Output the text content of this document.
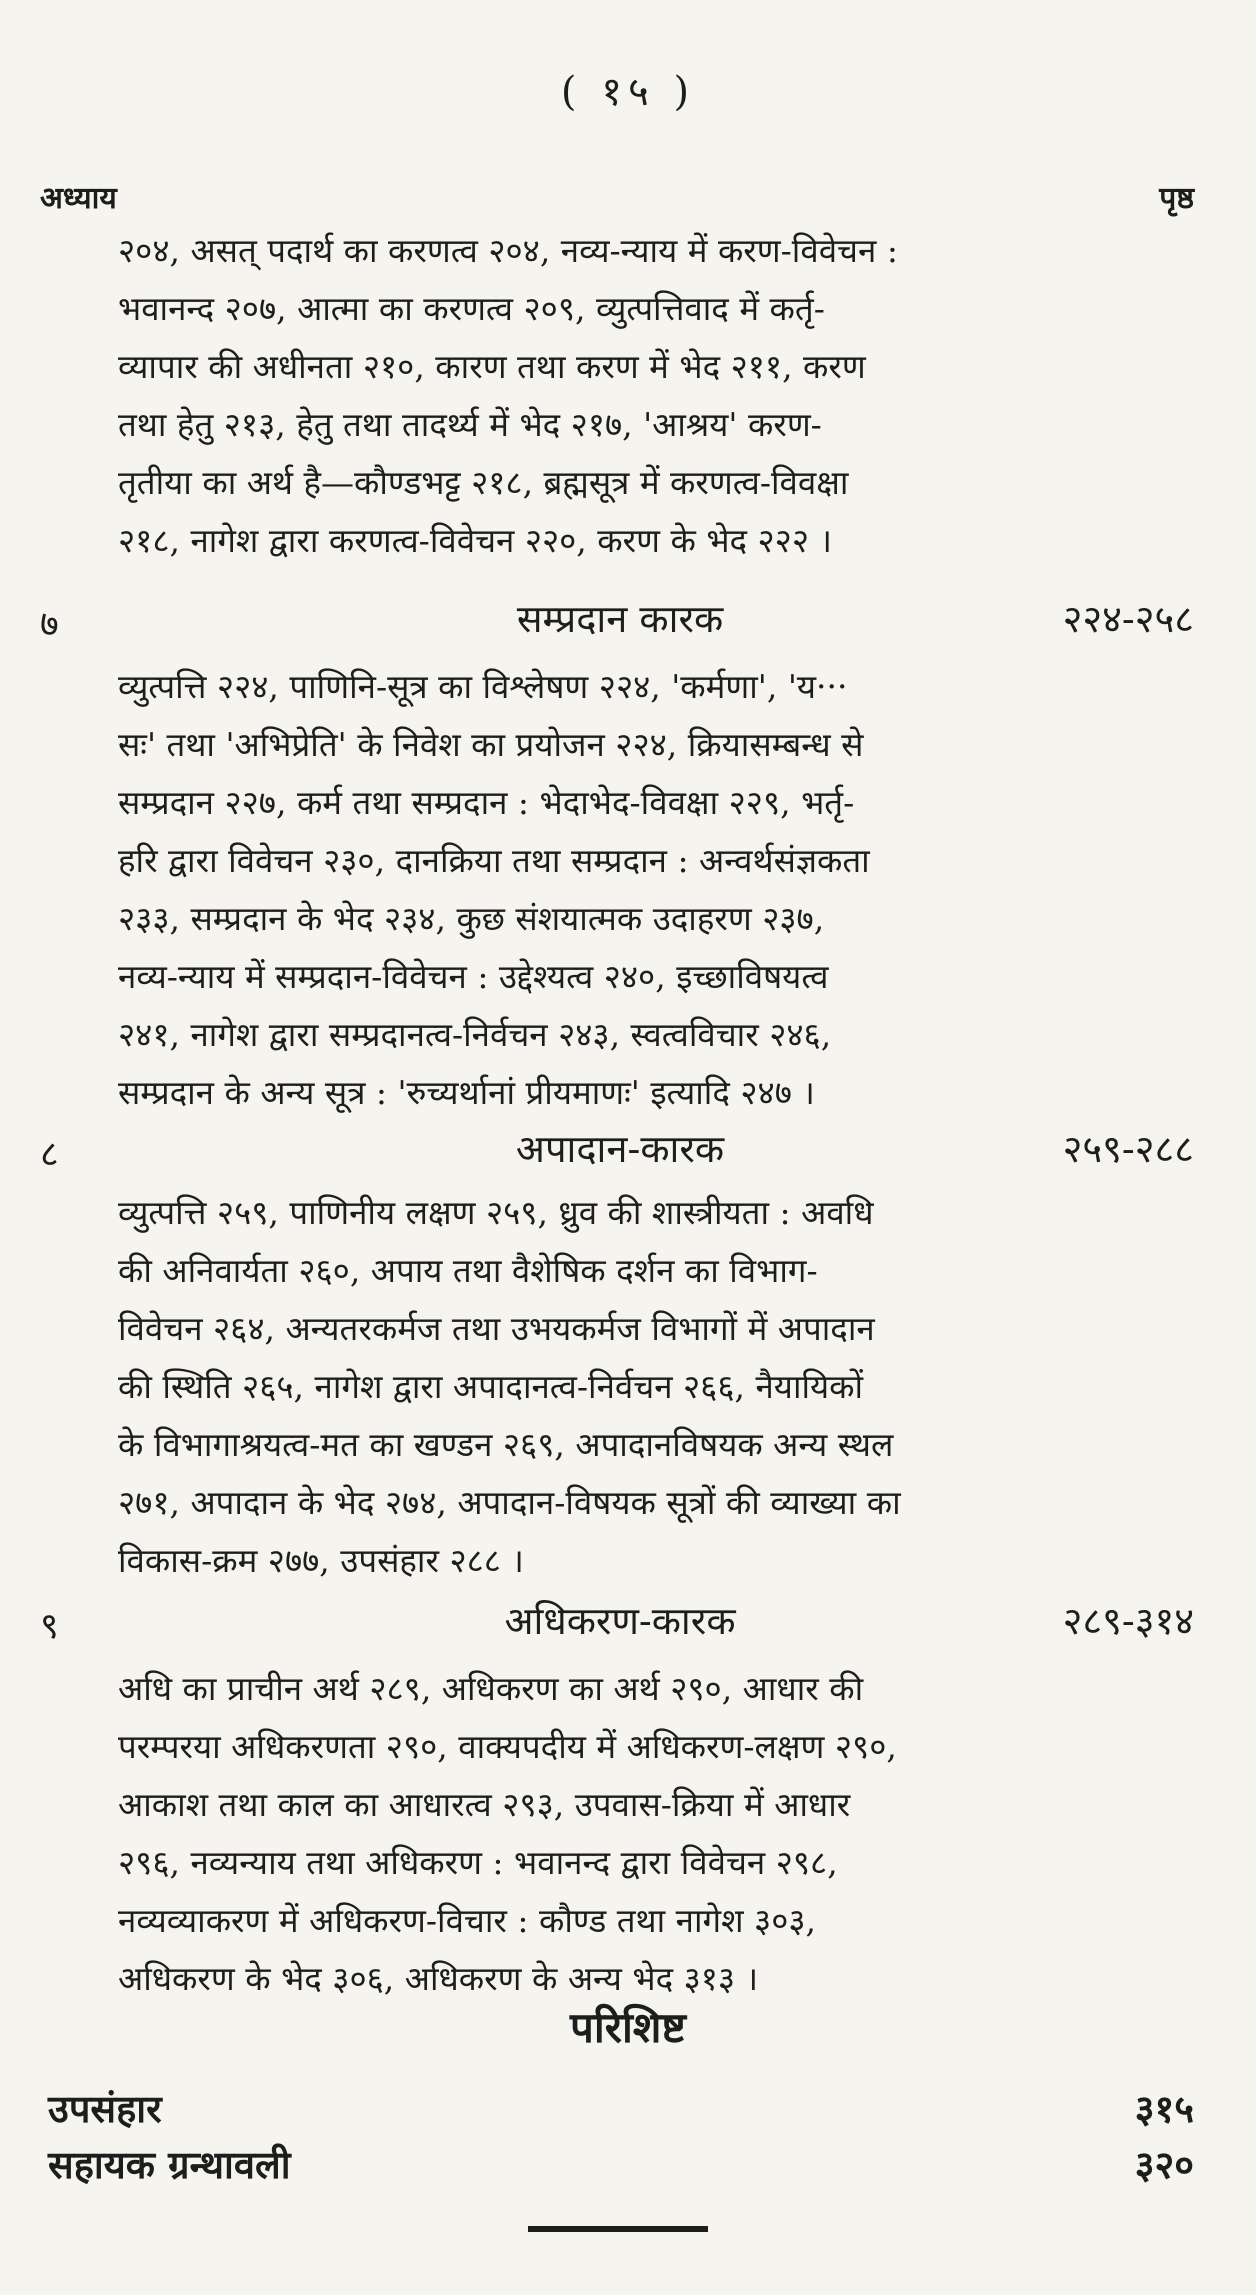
( १५ )
अध्याय	पृष्ठ
२०४, असत् पदार्थ का करणत्व २०४, नव्य-न्याय में करण-विवेचन :
भवानन्द २०७, आत्मा का करणत्व २०९, व्युत्पत्तिवाद में कर्तृ-
व्यापार की अधीनता २१०, कारण तथा करण में भेद २११, करण
तथा हेतु २१३, हेतु तथा तादर्थ्य में भेद २१७, 'आश्रय' करण-
तृतीया का अर्थ है—कौण्डभट्ट २१८, ब्रह्मसूत्र में करणत्व-विवक्षा
२१८, नागेश द्वारा करणत्व-विवेचन २२०, करण के भेद २२२ ।
७	सम्प्रदान कारक	२२४-२५८
व्युत्पत्ति २२४, पाणिनि-सूत्र का विश्लेषण २२४, 'कर्मणा', 'य···
सः' तथा 'अभिप्रेति' के निवेश का प्रयोजन २२४, क्रियासम्बन्ध से
सम्प्रदान २२७, कर्म तथा सम्प्रदान : भेदाभेद-विवक्षा २२९, भर्तृ-
हरि द्वारा विवेचन २३०, दानक्रिया तथा सम्प्रदान : अन्वर्थसंज्ञकता
२३३, सम्प्रदान के भेद २३४, कुछ संशयात्मक उदाहरण २३७,
नव्य-न्याय में सम्प्रदान-विवेचन : उद्देश्यत्व २४०, इच्छाविषयत्व
२४१, नागेश द्वारा सम्प्रदानत्व-निर्वचन २४३, स्वत्वविचार २४६,
सम्प्रदान के अन्य सूत्र : 'रुच्यर्थानां प्रीयमाणः' इत्यादि २४७ ।
८	अपादान-कारक	२५९-२८८
व्युत्पत्ति २५९, पाणिनीय लक्षण २५९, ध्रुव की शास्त्रीयता : अवधि
की अनिवार्यता २६०, अपाय तथा वैशेषिक दर्शन का विभाग-
विवेचन २६४, अन्यतरकर्मज तथा उभयकर्मज विभागों में अपादान
की स्थिति २६५, नागेश द्वारा अपादानत्व-निर्वचन २६६, नैयायिकों
के विभागाश्रयत्व-मत का खण्डन २६९, अपादानविषयक अन्य स्थल
२७१, अपादान के भेद २७४, अपादान-विषयक सूत्रों की व्याख्या का
विकास-क्रम २७७, उपसंहार २८८ ।
९	अधिकरण-कारक	२८९-३१४
अधि का प्राचीन अर्थ २८९, अधिकरण का अर्थ २९०, आधार की
परम्परया अधिकरणता २९०, वाक्यपदीय में अधिकरण-लक्षण २९०,
आकाश तथा काल का आधारत्व २९३, उपवास-क्रिया में आधार
२९६, नव्यन्याय तथा अधिकरण : भवानन्द द्वारा विवेचन २९८,
नव्यव्याकरण में अधिकरण-विचार : कौण्ड तथा नागेश ३०३,
अधिकरण के भेद ३०६, अधिकरण के अन्य भेद ३१३ ।
परिशिष्ट
उपसंहार	३१५
सहायक ग्रन्थावली	३२०
